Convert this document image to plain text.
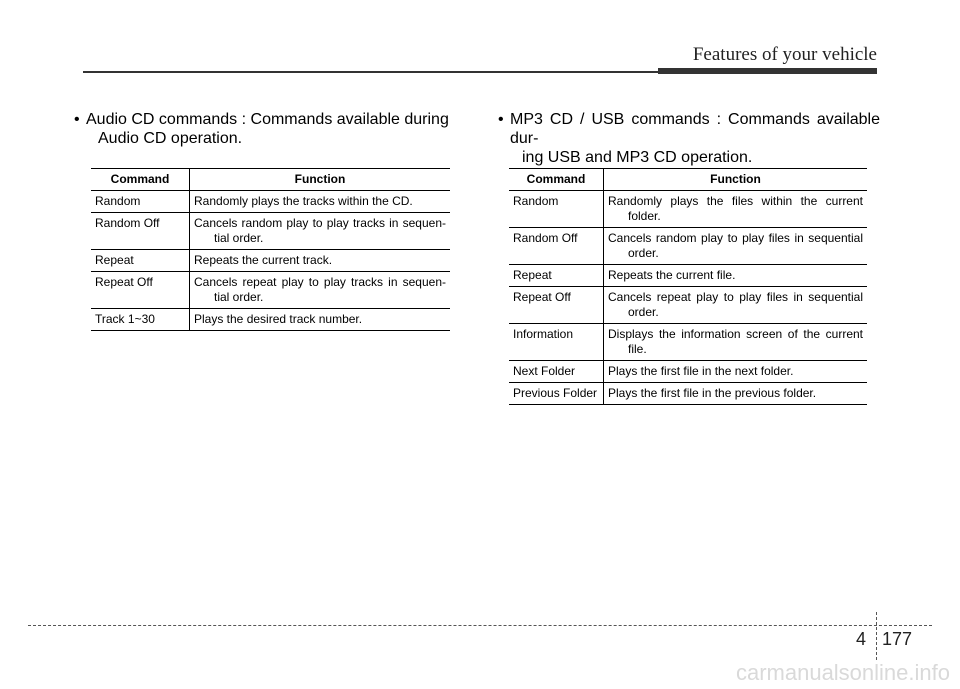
Features of your vehicle
• Audio CD commands : Commands available during
Audio CD operation.
• MP3 CD / USB commands : Commands available dur-
ing USB and MP3 CD operation.
Command	Function
Random	Randomly plays the tracks within the CD.

Random Off	Cancels random play to play tracks in sequen- tial order.

Repeat	Repeats the current track.

Repeat Off	Cancels repeat play to play tracks in sequen- tial order.

Track 1~30	Plays the desired track number.
Command	Function
Random	Randomly plays the files within the current folder.

Random Off	Cancels random play to play files in sequential order.

Repeat	Repeats the current file.

Repeat Off	Cancels repeat play to play files in sequential order.

Information	Displays the information screen of the current file.

Next Folder	Plays the first file in the next folder.

Previous Folder	Plays the first file in the previous folder.
4 177
carmanualsonline.info
